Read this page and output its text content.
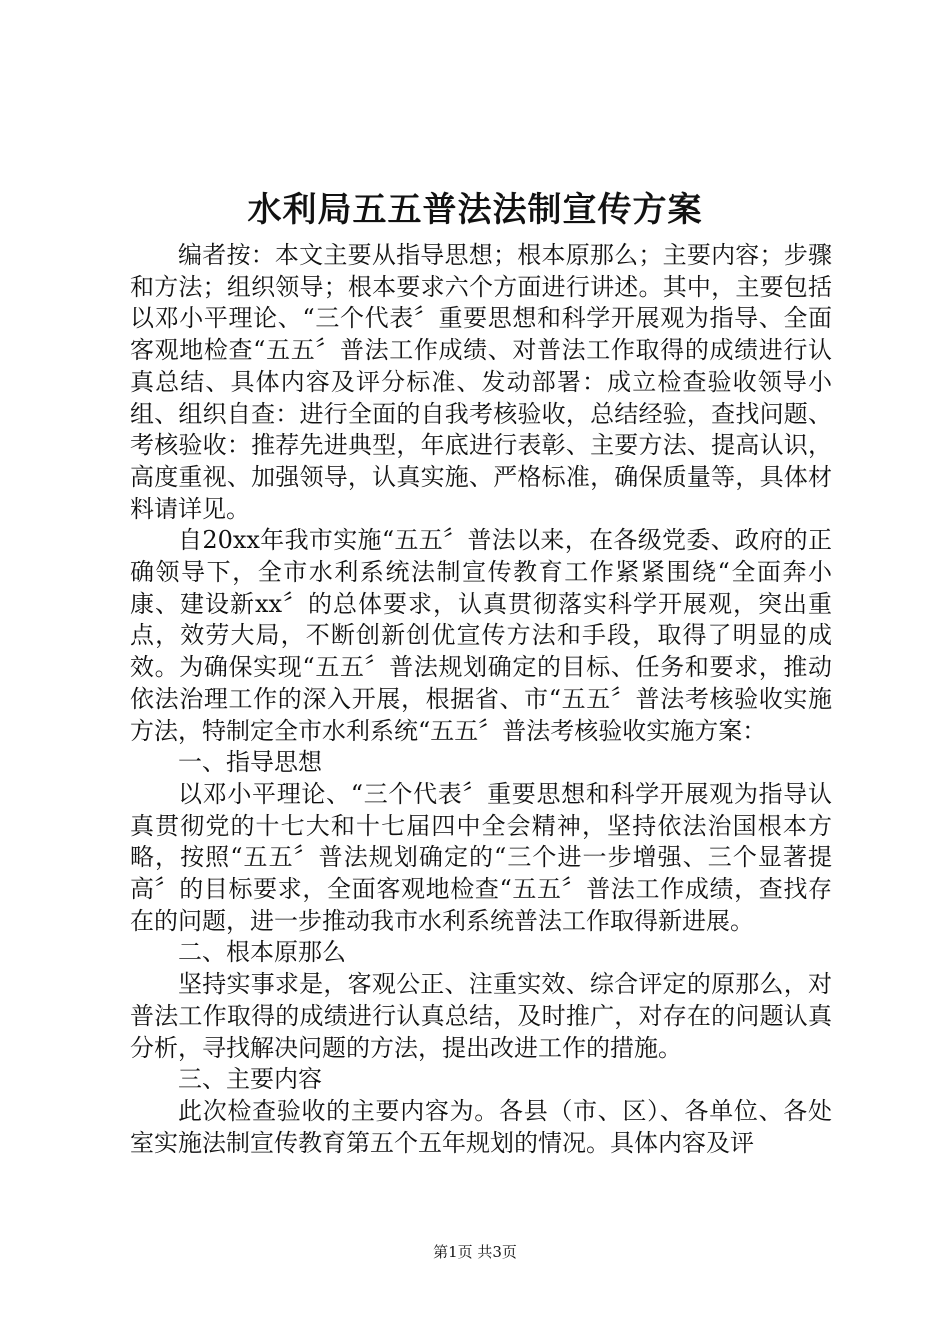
水利局五五普法法制宣传方案

编者按：本文主要从指导思想；根本原那么；主要内容；步骤和方法；组织领导；根本要求六个方面进行讲述。其中，主要包括以邓小平理论、“三个代表〞重要思想和科学开展观为指导、全面客观地检查“五五〞普法工作成绩、对普法工作取得的成绩进行认真总结、具体内容及评分标准、发动部署：成立检查验收领导小组、组织自查：进行全面的自我考核验收，总结经验，查找问题、考核验收：推荐先进典型，年底进行表彰、主要方法、提高认识，高度重视、加强领导，认真实施、严格标准，确保质量等，具体材料请详见。

自20xx年我市实施“五五〞普法以来，在各级党委、政府的正确领导下，全市水利系统法制宣传教育工作紧紧围绕“全面奔小康、建设新xx〞的总体要求，认真贯彻落实科学开展观，突出重点，效劳大局，不断创新创优宣传方法和手段，取得了明显的成效。为确保实现“五五〞普法规划确定的目标、任务和要求，推动依法治理工作的深入开展，根据省、市“五五〞普法考核验收实施方法，特制定全市水利系统“五五〞普法考核验收实施方案：

一、指导思想

以邓小平理论、“三个代表〞重要思想和科学开展观为指导认真贯彻党的十七大和十七届四中全会精神，坚持依法治国根本方略，按照“五五〞普法规划确定的“三个进一步增强、三个显著提高〞的目标要求，全面客观地检查“五五〞普法工作成绩，查找存在的问题，进一步推动我市水利系统普法工作取得新进展。

二、根本原那么

坚持实事求是，客观公正、注重实效、综合评定的原那么，对普法工作取得的成绩进行认真总结，及时推广，对存在的问题认真分析，寻找解决问题的方法，提出改进工作的措施。

三、主要内容

此次检查验收的主要内容为。各县（市、区）、各单位、各处室实施法制宣传教育第五个五年规划的情况。具体内容及评

第1页 共3页
